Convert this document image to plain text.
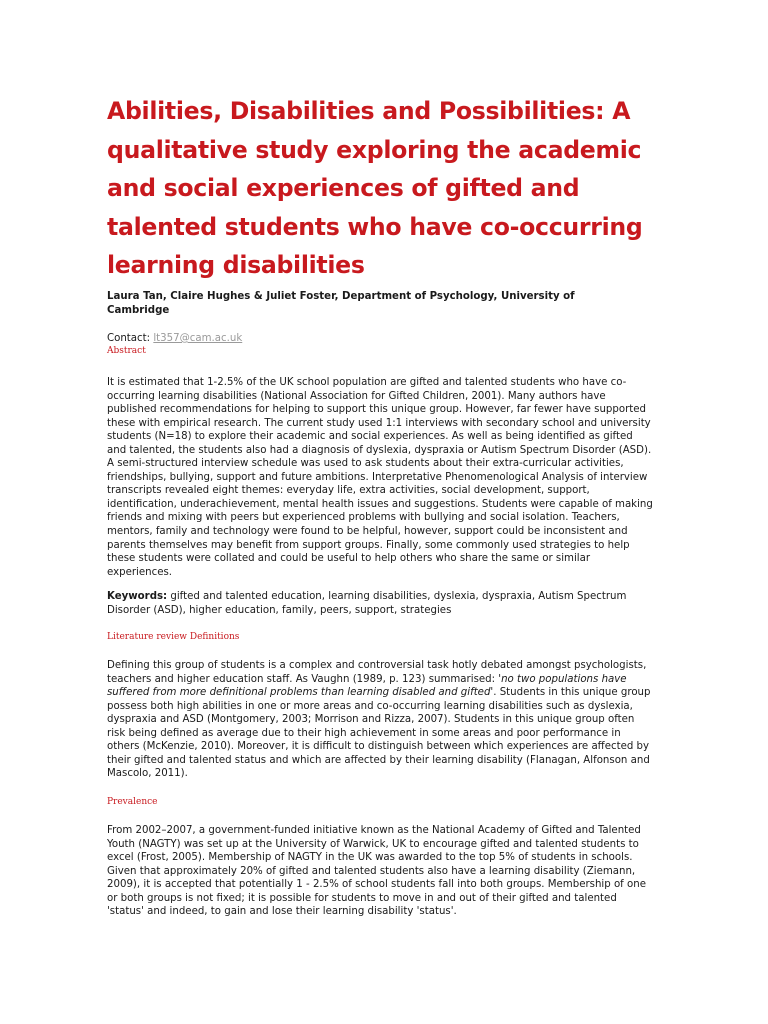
Abilities, Disabilities and Possibilities: A qualitative study exploring the academic and social experiences of gifted and talented students who have co-occurring learning disabilities

Laura Tan, Claire Hughes & Juliet Foster, Department of Psychology, University of Cambridge

Contact: lt357@cam.ac.uk

Abstract

It is estimated that 1-2.5% of the UK school population are gifted and talented students who have co-occurring learning disabilities (National Association for Gifted Children, 2001). Many authors have published recommendations for helping to support this unique group. However, far fewer have supported these with empirical research. The current study used 1:1 interviews with secondary school and university students (N=18) to explore their academic and social experiences. As well as being identified as gifted and talented, the students also had a diagnosis of dyslexia, dyspraxia or Autism Spectrum Disorder (ASD). A semi-structured interview schedule was used to ask students about their extra-curricular activities, friendships, bullying, support and future ambitions. Interpretative Phenomenological Analysis of interview transcripts revealed eight themes: everyday life, extra activities, social development, support, identification, underachievement, mental health issues and suggestions. Students were capable of making friends and mixing with peers but experienced problems with bullying and social isolation. Teachers, mentors, family and technology were found to be helpful, however, support could be inconsistent and parents themselves may benefit from support groups. Finally, some commonly used strategies to help these students were collated and could be useful to help others who share the same or similar experiences.

Keywords: gifted and talented education, learning disabilities, dyslexia, dyspraxia, Autism Spectrum Disorder (ASD), higher education, family, peers, support, strategies

Literature review Definitions

Defining this group of students is a complex and controversial task hotly debated amongst psychologists, teachers and higher education staff. As Vaughn (1989, p. 123) summarised: 'no two populations have suffered from more definitional problems than learning disabled and gifted'. Students in this unique group possess both high abilities in one or more areas and co-occurring learning disabilities such as dyslexia, dyspraxia and ASD (Montgomery, 2003; Morrison and Rizza, 2007). Students in this unique group often risk being defined as average due to their high achievement in some areas and poor performance in others (McKenzie, 2010). Moreover, it is difficult to distinguish between which experiences are affected by their gifted and talented status and which are affected by their learning disability (Flanagan, Alfonson and Mascolo, 2011).

Prevalence

From 2002–2007, a government-funded initiative known as the National Academy of Gifted and Talented Youth (NAGTY) was set up at the University of Warwick, UK to encourage gifted and talented students to excel (Frost, 2005). Membership of NAGTY in the UK was awarded to the top 5% of students in schools. Given that approximately 20% of gifted and talented students also have a learning disability (Ziemann, 2009), it is accepted that potentially 1 - 2.5% of school students fall into both groups. Membership of one or both groups is not fixed; it is possible for students to move in and out of their gifted and talented 'status' and indeed, to gain and lose their learning disability 'status'.
